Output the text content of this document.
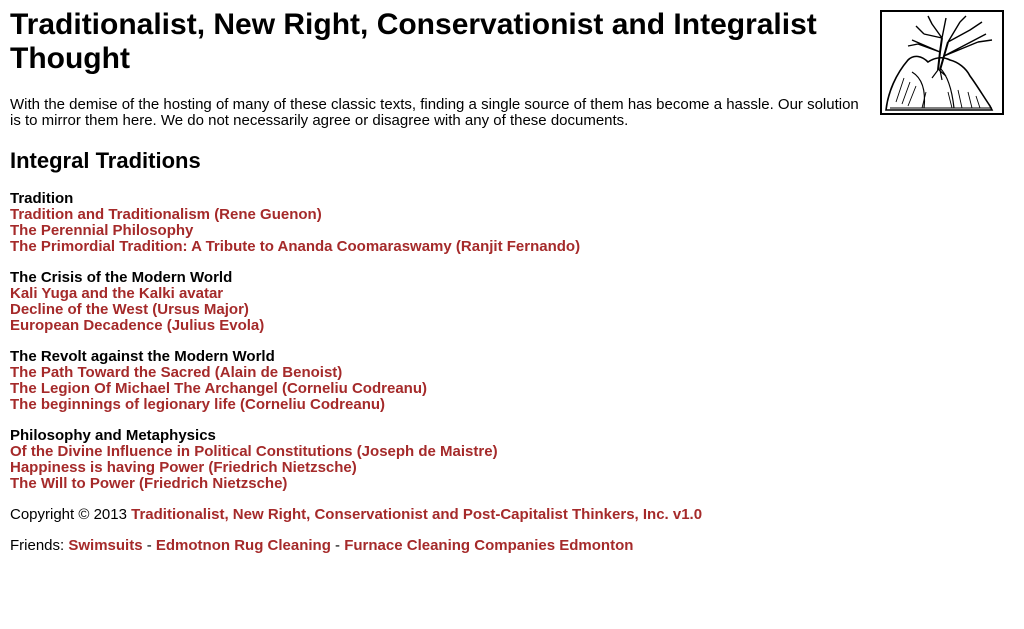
Traditionalist, New Right, Conservationist and Integralist Thought

With the demise of the hosting of many of these classic texts, finding a single source of them has become a hassle. Our solution is to mirror them here. We do not necessarily agree or disagree with any of these documents.

Integral Traditions
Tradition
Tradition and Traditionalism (Rene Guenon)
The Perennial Philosophy
The Primordial Tradition: A Tribute to Ananda Coomaraswamy (Ranjit Fernando)
The Crisis of the Modern World
Kali Yuga and the Kalki avatar
Decline of the West (Ursus Major)
European Decadence (Julius Evola)
The Revolt against the Modern World
The Path Toward the Sacred (Alain de Benoist)
The Legion Of Michael The Archangel (Corneliu Codreanu)
The beginnings of legionary life (Corneliu Codreanu)
Philosophy and Metaphysics
Of the Divine Influence in Political Constitutions (Joseph de Maistre)
Happiness is having Power (Friedrich Nietzsche)
The Will to Power (Friedrich Nietzsche)
Copyright © 2013 Traditionalist, New Right, Conservationist and Post-Capitalist Thinkers, Inc. v1.0
Friends: Swimsuits - Edmotnon Rug Cleaning - Furnace Cleaning Companies Edmonton
